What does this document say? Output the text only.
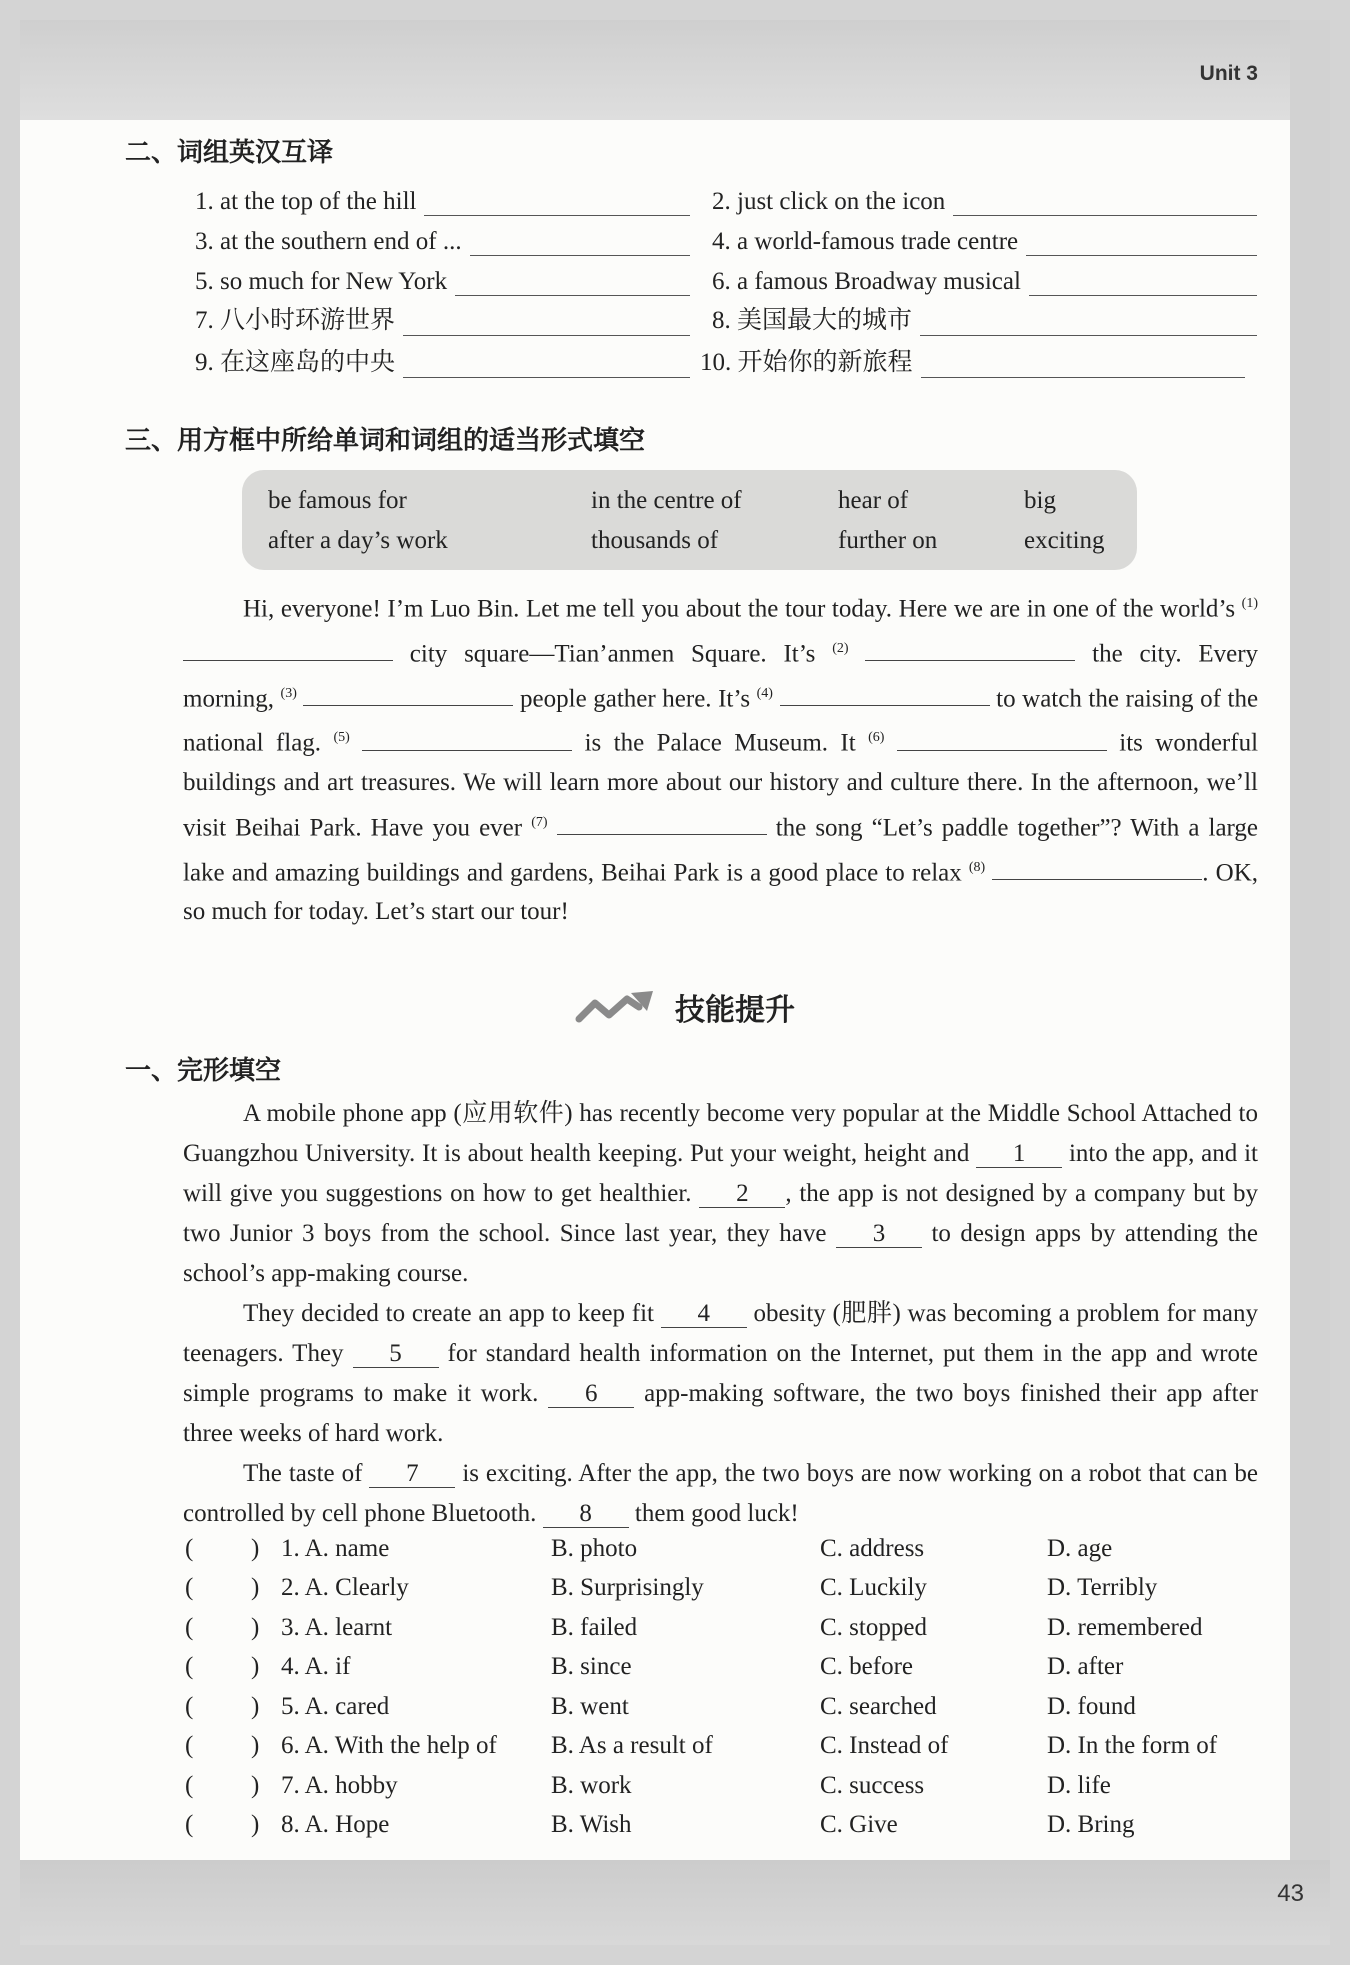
Unit 3
二、词组英汉互译
1. at the top of the hill	2. just click on the icon
3. at the southern end of ...	4. a world-famous trade centre
5. so much for New York	6. a famous Broadway musical
7. 八小时环游世界	8. 美国最大的城市
9. 在这座岛的中央	10. 开始你的新旅程
三、用方框中所给单词和词组的适当形式填空
be famous for	in the centre of	hear of	big
after a day’s work	thousands of	further on	exciting
Hi, everyone! I’m Luo Bin. Let me tell you about the tour today. Here we are in one of the world’s $^{(1)}$  city square—Tian’anmen Square. It’s $^{(2)}$	the city. Every morning, $^{(3)}$	people gather here. It’s $^{(4)}$	to watch the raising of the national flag. $^{(5)}$	is the Palace Museum. It $^{(6)}$	its wonderful buildings and art treasures. We will learn more about our history and culture there. In the afternoon, we’ll visit Beihai Park. Have you ever $^{(7)}$	the song “Let’s paddle together”? With a large lake and amazing buildings and gardens, Beihai Park is a good place to relax $^{(8)}$	. OK, so much for today. Let’s start our tour!
技能提升
一、完形填空
A mobile phone app (应用软件) has recently become very popular at the Middle School Attached to Guangzhou University. It is about health keeping. Put your weight, height and 1 into the app, and it will give you suggestions on how to get healthier. 2 , the app is not designed by a company but by two Junior 3 boys from the school. Since last year, they have 3 to design apps by attending the school’s app-making course.
They decided to create an app to keep fit 4 obesity (肥胖) was becoming a problem for many teenagers. They 5 for standard health information on the Internet, put them in the app and wrote simple programs to make it work. 6 app-making software, the two boys finished their app after three weeks of hard work.
The taste of 7 is exciting. After the app, the two boys are now working on a robot that can be controlled by cell phone Bluetooth. 8 them good luck!
( ) 1. A. name	B. photo	C. address	D. age
( ) 2. A. Clearly	B. Surprisingly	C. Luckily	D. Terribly
( ) 3. A. learnt	B. failed	C. stopped	D. remembered
( ) 4. A. if	B. since	C. before	D. after
( ) 5. A. cared	B. went	C. searched	D. found
( ) 6. A. With the help of B. As a result of	C. Instead of	D. In the form of
( ) 7. A. hobby	B. work	C. success	D. life
( ) 8. A. Hope	B. Wish	C. Give	D. Bring
43
